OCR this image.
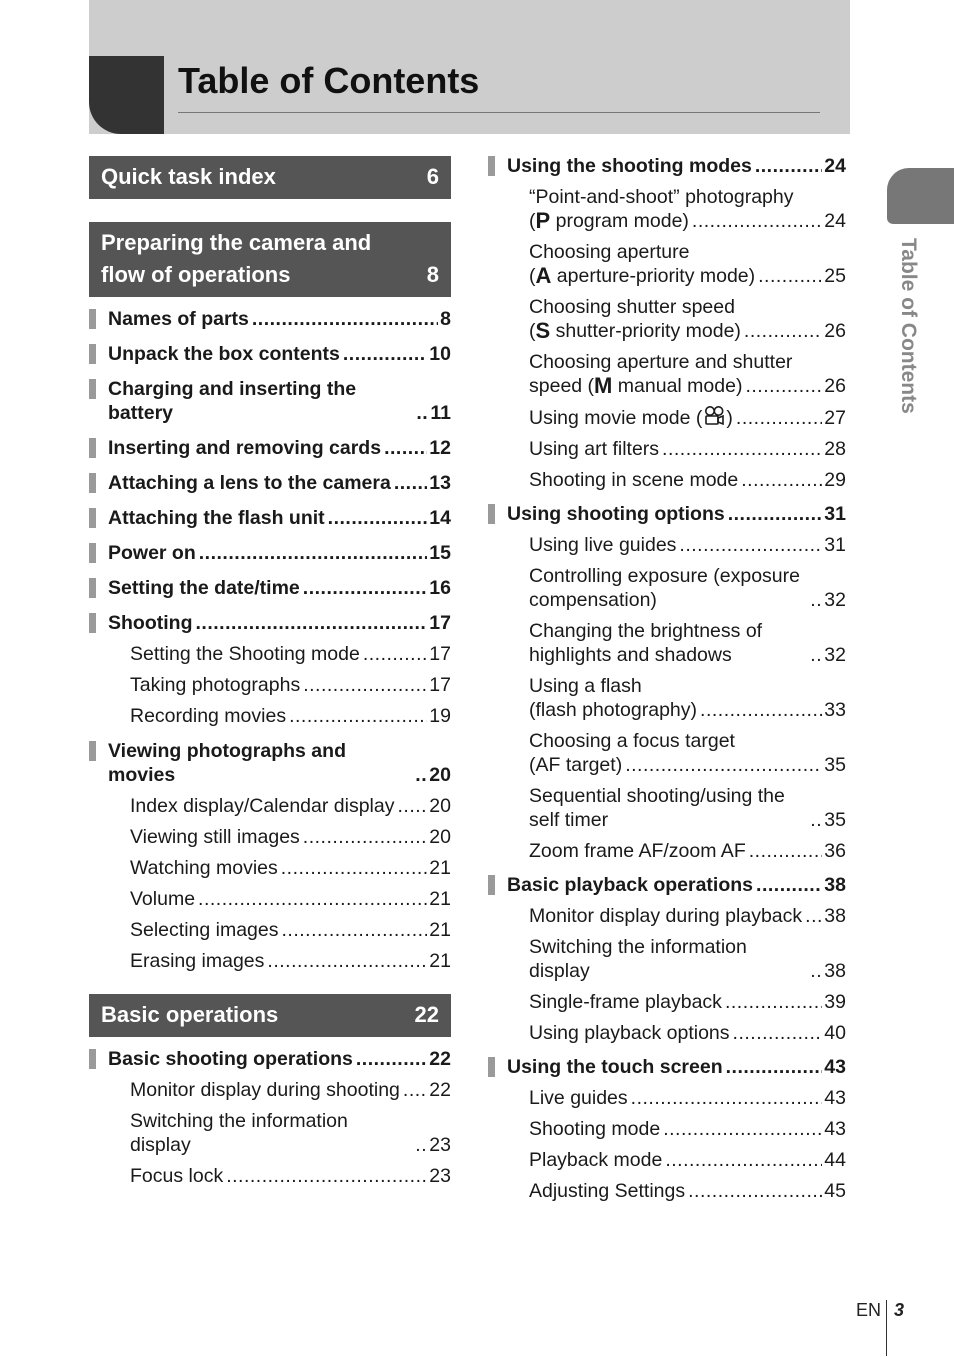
Table of Contents
Quick task index	6
Preparing the camera and flow of operations	8
Names of parts .....	8
Unpack the box contents .....	10
Charging and inserting the battery .....	11
Inserting and removing cards ..... 12
Attaching a lens to the camera ..... 13
Attaching the flash unit .....	14
Power on .....	15
Setting the date/time .....	16
Shooting .....	17
Setting the Shooting mode .....	17
Taking photographs .....	17
Recording movies .....	19
Viewing photographs and movies .....	20
Index display/Calendar display ..... 20
Viewing still images .....	20
Watching movies .....	21
Volume .....	21
Selecting images .....	21
Erasing images .....	21
Basic operations	22
Basic shooting operations .....	22
Monitor display during shooting ..... 22
Switching the information display .....	23
Focus lock .....	23
Using the shooting modes .....	24
“Point-and-shoot” photography
(P program mode) .....	24
Choosing aperture
(A aperture-priority mode) .....	25
Choosing shutter speed
(S shutter-priority mode) .....	26
Choosing aperture and shutter
speed (M manual mode) .....	26
Using movie mode ( ) .....	27
Using art filters .....	28
Shooting in scene mode .....	29
Using shooting options .....	31
Using live guides .....	31
Controlling exposure (exposure compensation) .....	32
Changing the brightness of highlights and shadows .....	32
Using a flash
(flash photography) .....	33
Choosing a focus target
(AF target) .....	35
Sequential shooting/using the self timer .....	35
Zoom frame AF/zoom AF .....	36
Basic playback operations .....	38
Monitor display during playback ..... 38
Switching the information display .....	38
Single-frame playback .....	39
Using playback options .....	40
Using the touch screen .....	43
Live guides .....	43
Shooting mode .....	43
Playback mode .....	44
Adjusting Settings .....	45
Table of Contents
EN 3
